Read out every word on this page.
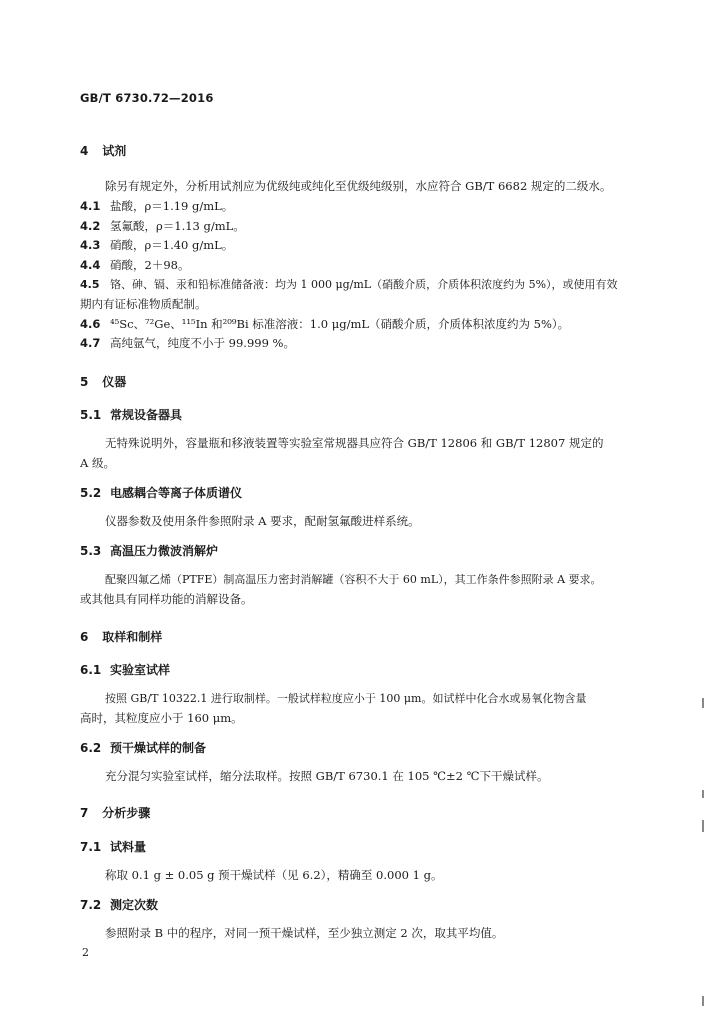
GB/T 6730.72—2016
4 试剂
除另有规定外，分析用试剂应为优级纯或纯化至优级纯级别，水应符合 GB/T 6682 规定的二级水。
4.1 盐酸，ρ＝1.19 g/mL。
4.2 氢氟酸，ρ＝1.13 g/mL。
4.3 硝酸，ρ＝1.40 g/mL。
4.4 硝酸，2＋98。
4.5 铬、砷、镉、汞和铅标准储备液：均为 1 000 μg/mL（硝酸介质，介质体积浓度约为 5%），或使用有效
期内有证标准物质配制。
4.6 ⁴⁵Sc、⁷²Ge、¹¹⁵In 和²⁰⁹Bi 标准溶液：1.0 μg/mL（硝酸介质，介质体积浓度约为 5%）。
4.7 高纯氩气，纯度不小于 99.999 %。
5 仪器
5.1 常规设备器具
无特殊说明外，容量瓶和移液装置等实验室常规器具应符合 GB/T 12806 和 GB/T 12807 规定的
A 级。
5.2 电感耦合等离子体质谱仪
仪器参数及使用条件参照附录 A 要求，配耐氢氟酸进样系统。
5.3 高温压力微波消解炉
配聚四氟乙烯（PTFE）制高温压力密封消解罐（容积不大于 60 mL），其工作条件参照附录 A 要求。
或其他具有同样功能的消解设备。
6 取样和制样
6.1 实验室试样
按照 GB/T 10322.1 进行取制样。一般试样粒度应小于 100 μm。如试样中化合水或易氧化物含量
高时，其粒度应小于 160 μm。
6.2 预干燥试样的制备
充分混匀实验室试样，缩分法取样。按照 GB/T 6730.1 在 105 ℃±2 ℃下干燥试样。
7 分析步骤
7.1 试料量
称取 0.1 g ± 0.05 g 预干燥试样（见 6.2），精确至 0.000 1 g。
7.2 测定次数
参照附录 B 中的程序，对同一预干燥试样，至少独立测定 2 次，取其平均值。
2
